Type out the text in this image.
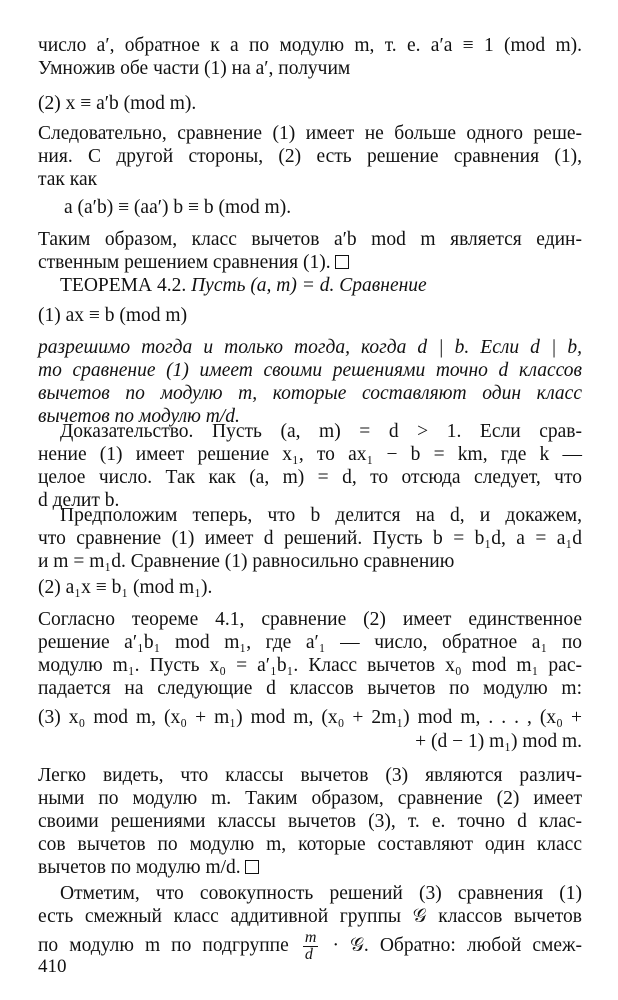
число a′, обратное к a по модулю m, т. е. a′a ≡ 1 (mod m).
Умножив обе части (1) на a′, получим
(2) x ≡ a′b (mod m).
Следовательно, сравнение (1) имеет не больше одного реше-
ния. С другой стороны, (2) есть решение сравнения (1),
так как
a (a′b) ≡ (aa′) b ≡ b (mod m).
Таким образом, класс вычетов a′b mod m является един-
ственным решением сравнения (1).
ТЕОРЕМА 4.2. Пусть (a, m) = d. Сравнение
(1) ax ≡ b (mod m)
разрешимо тогда и только тогда, когда d | b. Если d | b,
то сравнение (1) имеет своими решениями точно d классов
вычетов по модулю m, которые составляют один класс
вычетов по модулю m/d.
Доказательство. Пусть (a, m) = d > 1. Если срав-
нение (1) имеет решение x₁, то ax₁ − b = km, где k —
целое число. Так как (a, m) = d, то отсюда следует, что
d делит b.
Предположим теперь, что b делится на d, и докажем,
что сравнение (1) имеет d решений. Пусть b = b₁d, a = a₁d
и m = m₁d. Сравнение (1) равносильно сравнению
(2) a₁x ≡ b₁ (mod m₁).
Согласно теореме 4.1, сравнение (2) имеет единственное
решение a′₁b₁ mod m₁, где a′₁ — число, обратное a₁ по
модулю m₁. Пусть x₀ = a′₁b₁. Класс вычетов x₀ mod m₁ рас-
падается на следующие d классов вычетов по модулю m:
(3) x₀ mod m, (x₀ + m₁) mod m, (x₀ + 2m₁) mod m, . . . , (x₀ +
+ (d − 1) m₁) mod m.
Легко видеть, что классы вычетов (3) являются различ-
ными по модулю m. Таким образом, сравнение (2) имеет
своими решениями классы вычетов (3), т. е. точно d клас-
сов вычетов по модулю m, которые составляют один класс
вычетов по модулю m/d.
Отметим, что совокупность решений (3) сравнения (1)
есть смежный класс аддитивной группы 𝒢 классов вычетов
по модулю m по подгруппе $\frac{m}{d}$ · 𝒢. Обратно: любой смеж-
410
